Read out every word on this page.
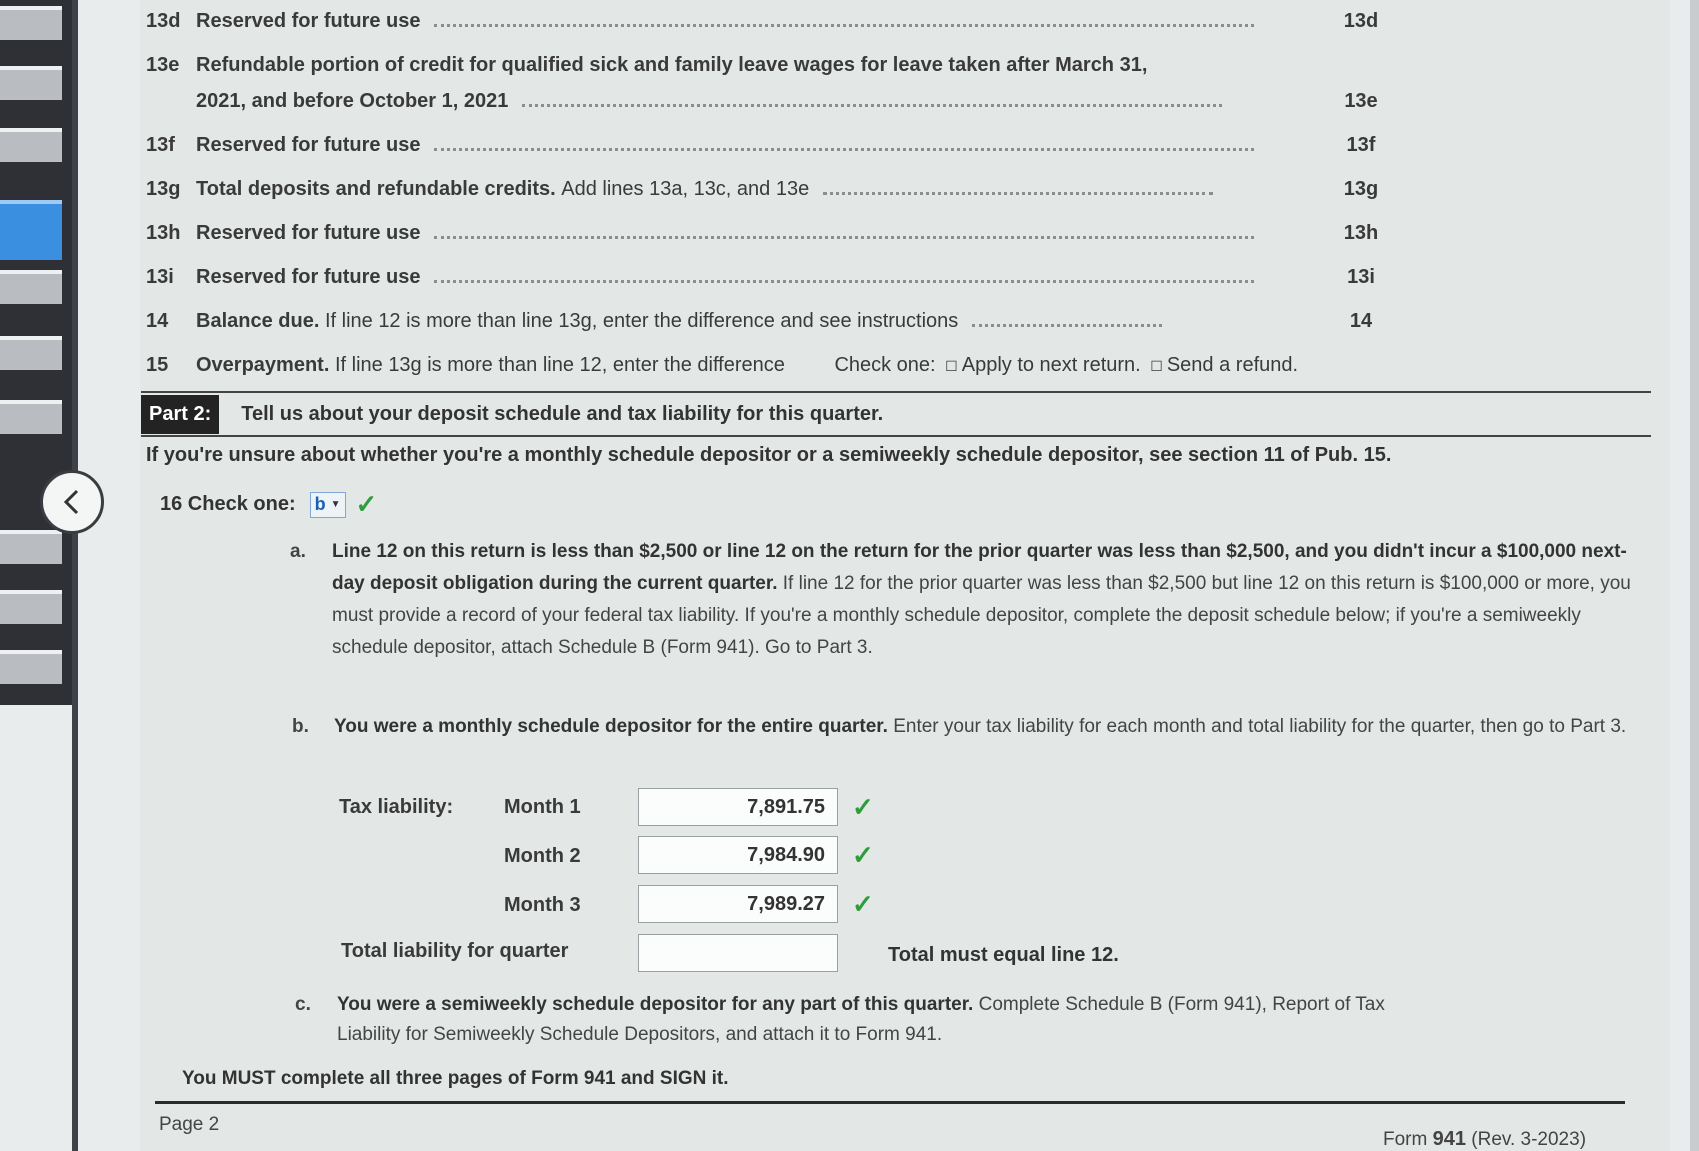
13d Reserved for future use	13d
13e Refundable portion of credit for qualified sick and family leave wages for leave taken after March 31,
2021, and before October 1, 2021	13e
13f Reserved for future use	13f
13g Total deposits and refundable credits. Add lines 13a, 13c, and 13e	13g
13h Reserved for future use	13h
13i Reserved for future use	13i
14 Balance due. If line 12 is more than line 13g, enter the difference and see instructions	14
15 Overpayment. If line 13g is more than line 12, enter the difference Check one: ☐ Apply to next return. ☐ Send a refund.
Part 2:	Tell us about your deposit schedule and tax liability for this quarter.
If you're unsure about whether you're a monthly schedule depositor or a semiweekly schedule depositor, see section 11 of Pub. 15.
16 Check one: b ▼ ✓
a. Line 12 on this return is less than $2,500 or line 12 on the return for the prior quarter was less than $2,500, and you didn't incur a $100,000 next-day deposit obligation during the current quarter. If line 12 for the prior quarter was less than $2,500 but line 12 on this return is $100,000 or more, you must provide a record of your federal tax liability. If you're a monthly schedule depositor, complete the deposit schedule below; if you're a semiweekly schedule depositor, attach Schedule B (Form 941). Go to Part 3.
b. You were a monthly schedule depositor for the entire quarter. Enter your tax liability for each month and total liability for the quarter, then go to Part 3.
Tax liability:	Month 1	7,891.75	✓
Month 2	7,984.90	✓
Month 3	7,989.27	✓
Total liability for quarter	Total must equal line 12.
c. You were a semiweekly schedule depositor for any part of this quarter. Complete Schedule B (Form 941), Report of Tax Liability for Semiweekly Schedule Depositors, and attach it to Form 941.
You MUST complete all three pages of Form 941 and SIGN it.
Page 2
Form 941 (Rev. 3-2023)
